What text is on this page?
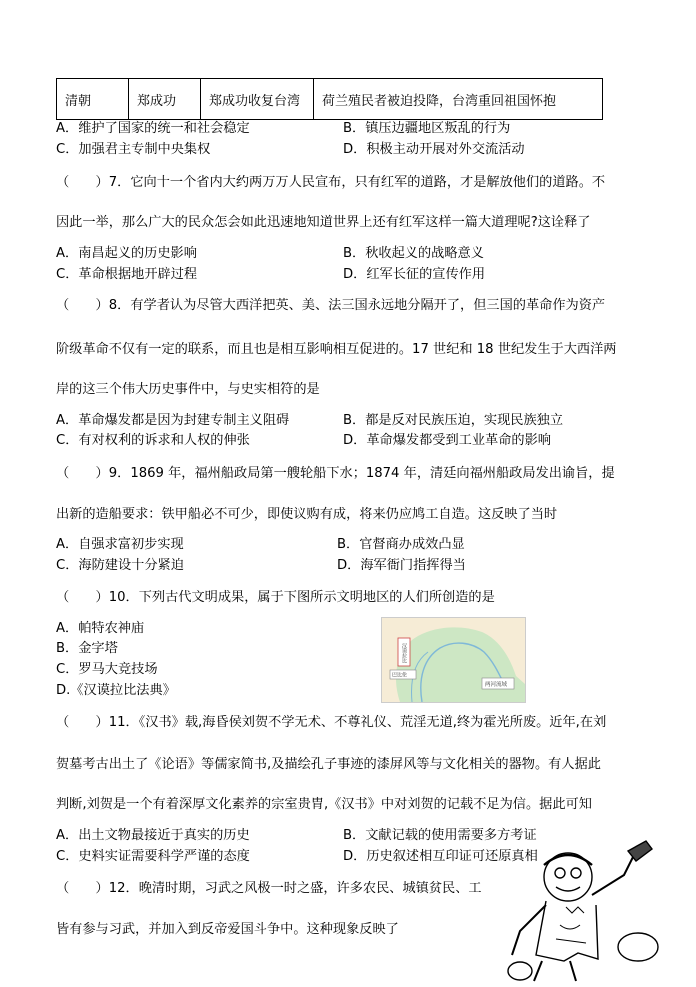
清朝	郑成功	郑成功收复台湾	荷兰殖民者被迫投降，台湾重回祖国怀抱
A．维护了国家的统一和社会稳定	B．镇压边疆地区叛乱的行为
C．加强君主专制中央集权	D．积极主动开展对外交流活动
（　　）7．它向十一个省内大约两万万人民宣布，只有红军的道路，才是解放他们的道路。不
因此一举，那么广大的民众怎会如此迅速地知道世界上还有红军这样一篇大道理呢?这诠释了
A．南昌起义的历史影响	B．秋收起义的战略意义
C．革命根据地开辟过程	D．红军长征的宣传作用
（　　）8．有学者认为尽管大西洋把英、美、法三国永远地分隔开了，但三国的革命作为资产
阶级革命不仅有一定的联系，而且也是相互影响相互促进的。17 世纪和 18 世纪发生于大西洋两
岸的这三个伟大历史事件中，与史实相符的是
A．革命爆发都是因为封建专制主义阻碍	B．都是反对民族压迫，实现民族独立
C．有对权利的诉求和人权的伸张	D．革命爆发都受到工业革命的影响
（　　）9．1869 年，福州船政局第一艘轮船下水；1874 年，清廷向福州船政局发出谕旨，提
出新的造船要求：铁甲船必不可少，即使议购有成，将来仍应鸠工自造。这反映了当时
A．自强求富初步实现	B．官督商办成效凸显
C．海防建设十分紧迫	D．海军衙门指挥得当
（　　）10．下列古代文明成果，属于下图所示文明地区的人们所创造的是
A．帕特农神庙
B．金字塔
C．罗马大竞技场
D.《汉谟拉比法典》
汉谟拉比
巴比伦
两河流域
（　　）11．《汉书》载,海昏侯刘贺不学无术、不尊礼仪、荒淫无道,终为霍光所废。近年,在刘
贺墓考古出土了《论语》等儒家简书,及描绘孔子事迹的漆屏风等与文化相关的器物。有人据此
判断,刘贺是一个有着深厚文化素养的宗室贵胄,《汉书》中对刘贺的记载不足为信。据此可知
A．出土文物最接近于真实的历史	B．文献记载的使用需要多方考证
C．史料实证需要科学严谨的态度	D．历史叙述相互印证可还原真相
（　　）12．晚清时期，习武之风极一时之盛，许多农民、城镇贫民、工
皆有参与习武，并加入到反帝爱国斗争中。这种现象反映了
